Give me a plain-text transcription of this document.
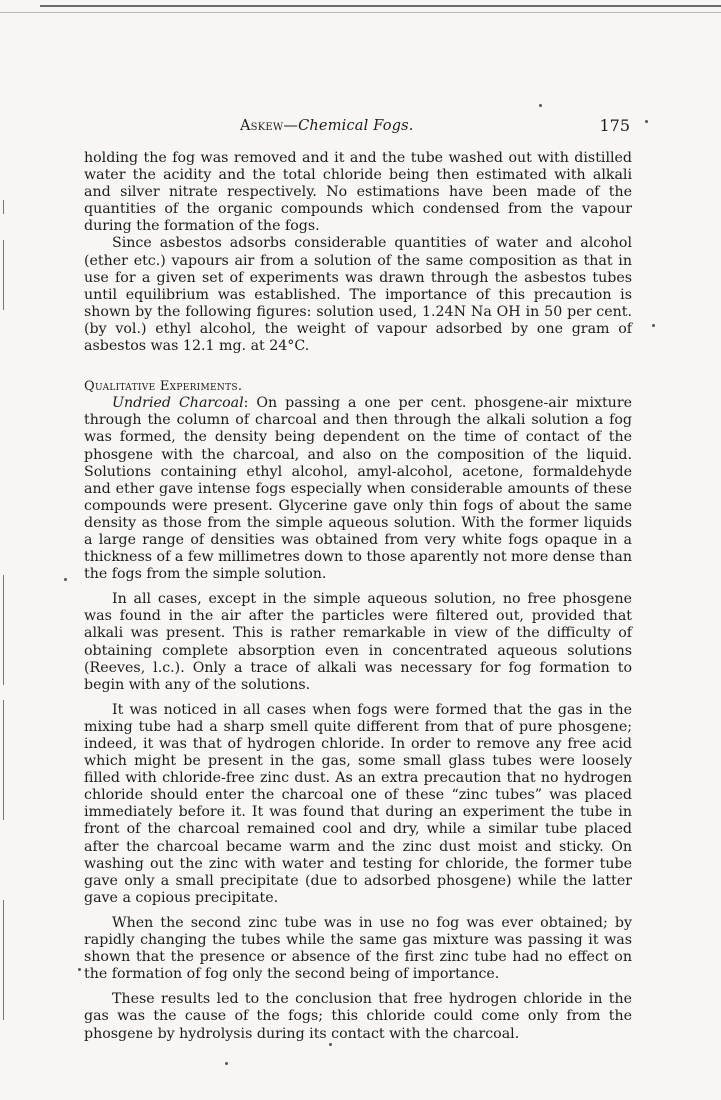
Askew—Chemical Fogs.	175

holding the fog was removed and it and the tube washed out with distilled water the acidity and the total chloride being then estimated with alkali and silver nitrate respectively. No estimations have been made of the quantities of the organic compounds which condensed from the vapour during the formation of the fogs.

Since asbestos adsorbs considerable quantities of water and alcohol (ether etc.) vapours air from a solution of the same composition as that in use for a given set of experiments was drawn through the asbestos tubes until equilibrium was established. The importance of this precaution is shown by the following figures: solution used, 1.24N Na OH in 50 per cent. (by vol.) ethyl alcohol, the weight of vapour adsorbed by one gram of asbestos was 12.1 mg. at 24°C.

Qualitative Experiments.

Undried Charcoal: On passing a one per cent. phosgene-air mixture through the column of charcoal and then through the alkali solution a fog was formed, the density being dependent on the time of contact of the phosgene with the charcoal, and also on the composition of the liquid. Solutions containing ethyl alcohol, amyl-alcohol, acetone, formaldehyde and ether gave intense fogs especially when considerable amounts of these compounds were present. Glycerine gave only thin fogs of about the same density as those from the simple aqueous solution. With the former liquids a large range of densities was obtained from very white fogs opaque in a thickness of a few millimetres down to those aparently not more dense than the fogs from the simple solution.

In all cases, except in the simple aqueous solution, no free phosgene was found in the air after the particles were filtered out, provided that alkali was present. This is rather remarkable in view of the difficulty of obtaining complete absorption even in concentrated aqueous solutions (Reeves, l.c.). Only a trace of alkali was necessary for fog formation to begin with any of the solutions.

It was noticed in all cases when fogs were formed that the gas in the mixing tube had a sharp smell quite different from that of pure phosgene; indeed, it was that of hydrogen chloride. In order to remove any free acid which might be present in the gas, some small glass tubes were loosely filled with chloride-free zinc dust. As an extra precaution that no hydrogen chloride should enter the charcoal one of these “zinc tubes” was placed immediately before it. It was found that during an experiment the tube in front of the charcoal remained cool and dry, while a similar tube placed after the charcoal became warm and the zinc dust moist and sticky. On washing out the zinc with water and testing for chloride, the former tube gave only a small precipitate (due to adsorbed phosgene) while the latter gave a copious precipitate.

When the second zinc tube was in use no fog was ever obtained; by rapidly changing the tubes while the same gas mixture was passing it was shown that the presence or absence of the first zinc tube had no effect on the formation of fog only the second being of importance.

These results led to the conclusion that free hydrogen chloride in the gas was the cause of the fogs; this chloride could come only from the phosgene by hydrolysis during its contact with the charcoal.
